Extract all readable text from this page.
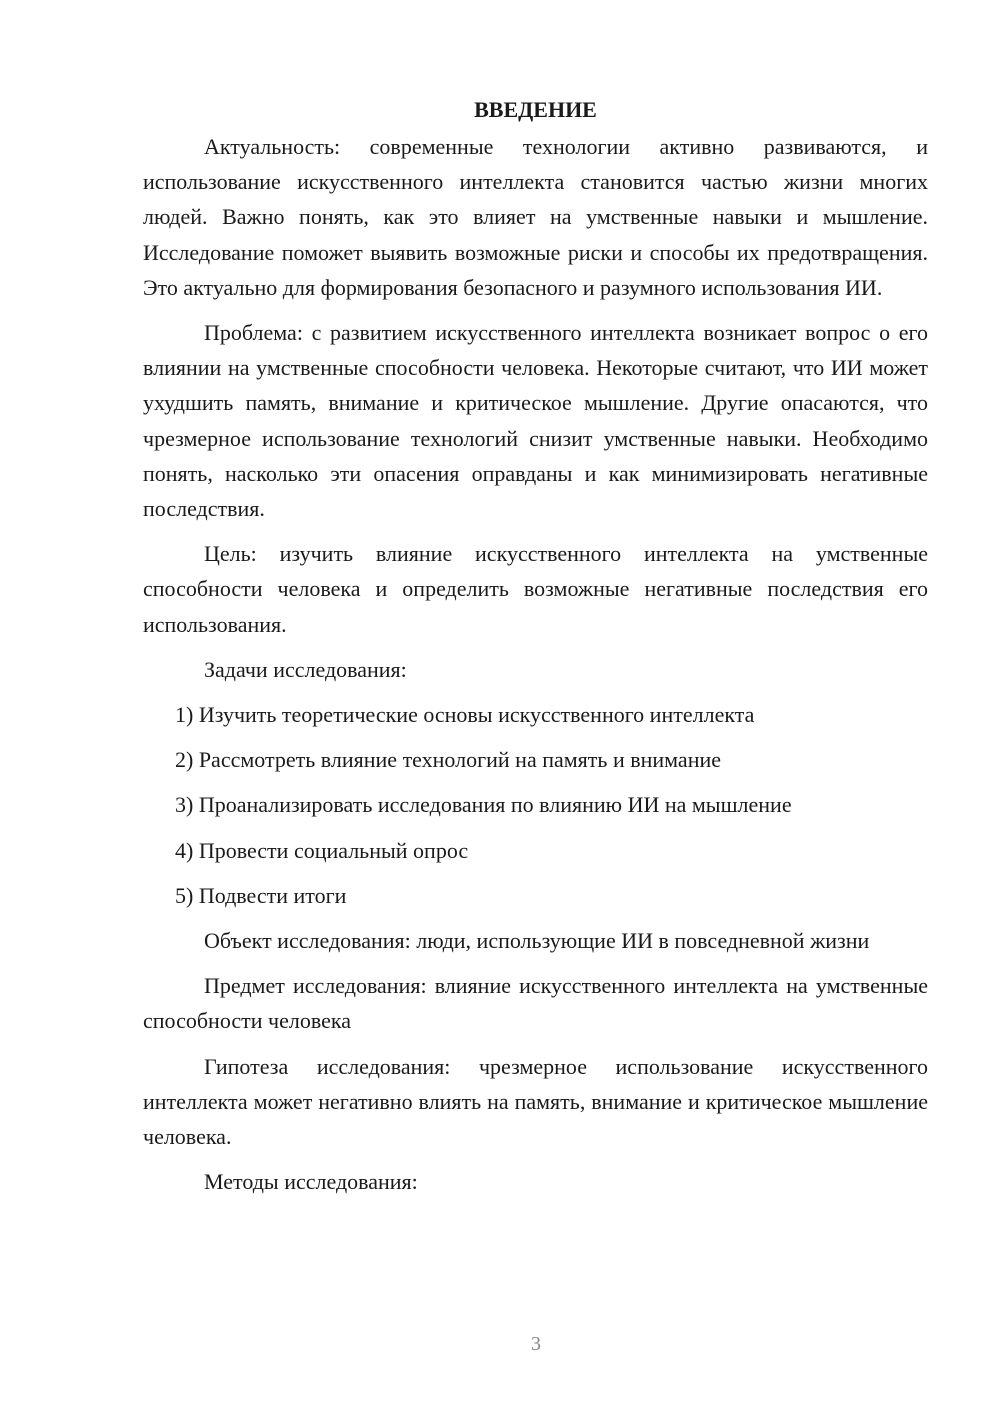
ВВЕДЕНИЕ

Актуальность: современные технологии активно развиваются, и использование искусственного интеллекта становится частью жизни многих людей. Важно понять, как это влияет на умственные навыки и мышление. Исследование поможет выявить возможные риски и способы их предотвращения. Это актуально для формирования безопасного и разумного использования ИИ.

Проблема: с развитием искусственного интеллекта возникает вопрос о его влиянии на умственные способности человека. Некоторые считают, что ИИ может ухудшить память, внимание и критическое мышление. Другие опасаются, что чрезмерное использование технологий снизит умственные навыки. Необходимо понять, насколько эти опасения оправданы и как минимизировать негативные последствия.

Цель: изучить влияние искусственного интеллекта на умственные способности человека и определить возможные негативные последствия его использования.

Задачи исследования:

1) Изучить теоретические основы искусственного интеллекта
2) Рассмотреть влияние технологий на память и внимание
3) Проанализировать исследования по влиянию ИИ на мышление
4) Провести социальный опрос
5) Подвести итоги

Объект исследования: люди, использующие ИИ в повседневной жизни

Предмет исследования: влияние искусственного интеллекта на умственные способности человека

Гипотеза исследования: чрезмерное использование искусственного интеллекта может негативно влиять на память, внимание и критическое мышление человека.

Методы исследования:

3
